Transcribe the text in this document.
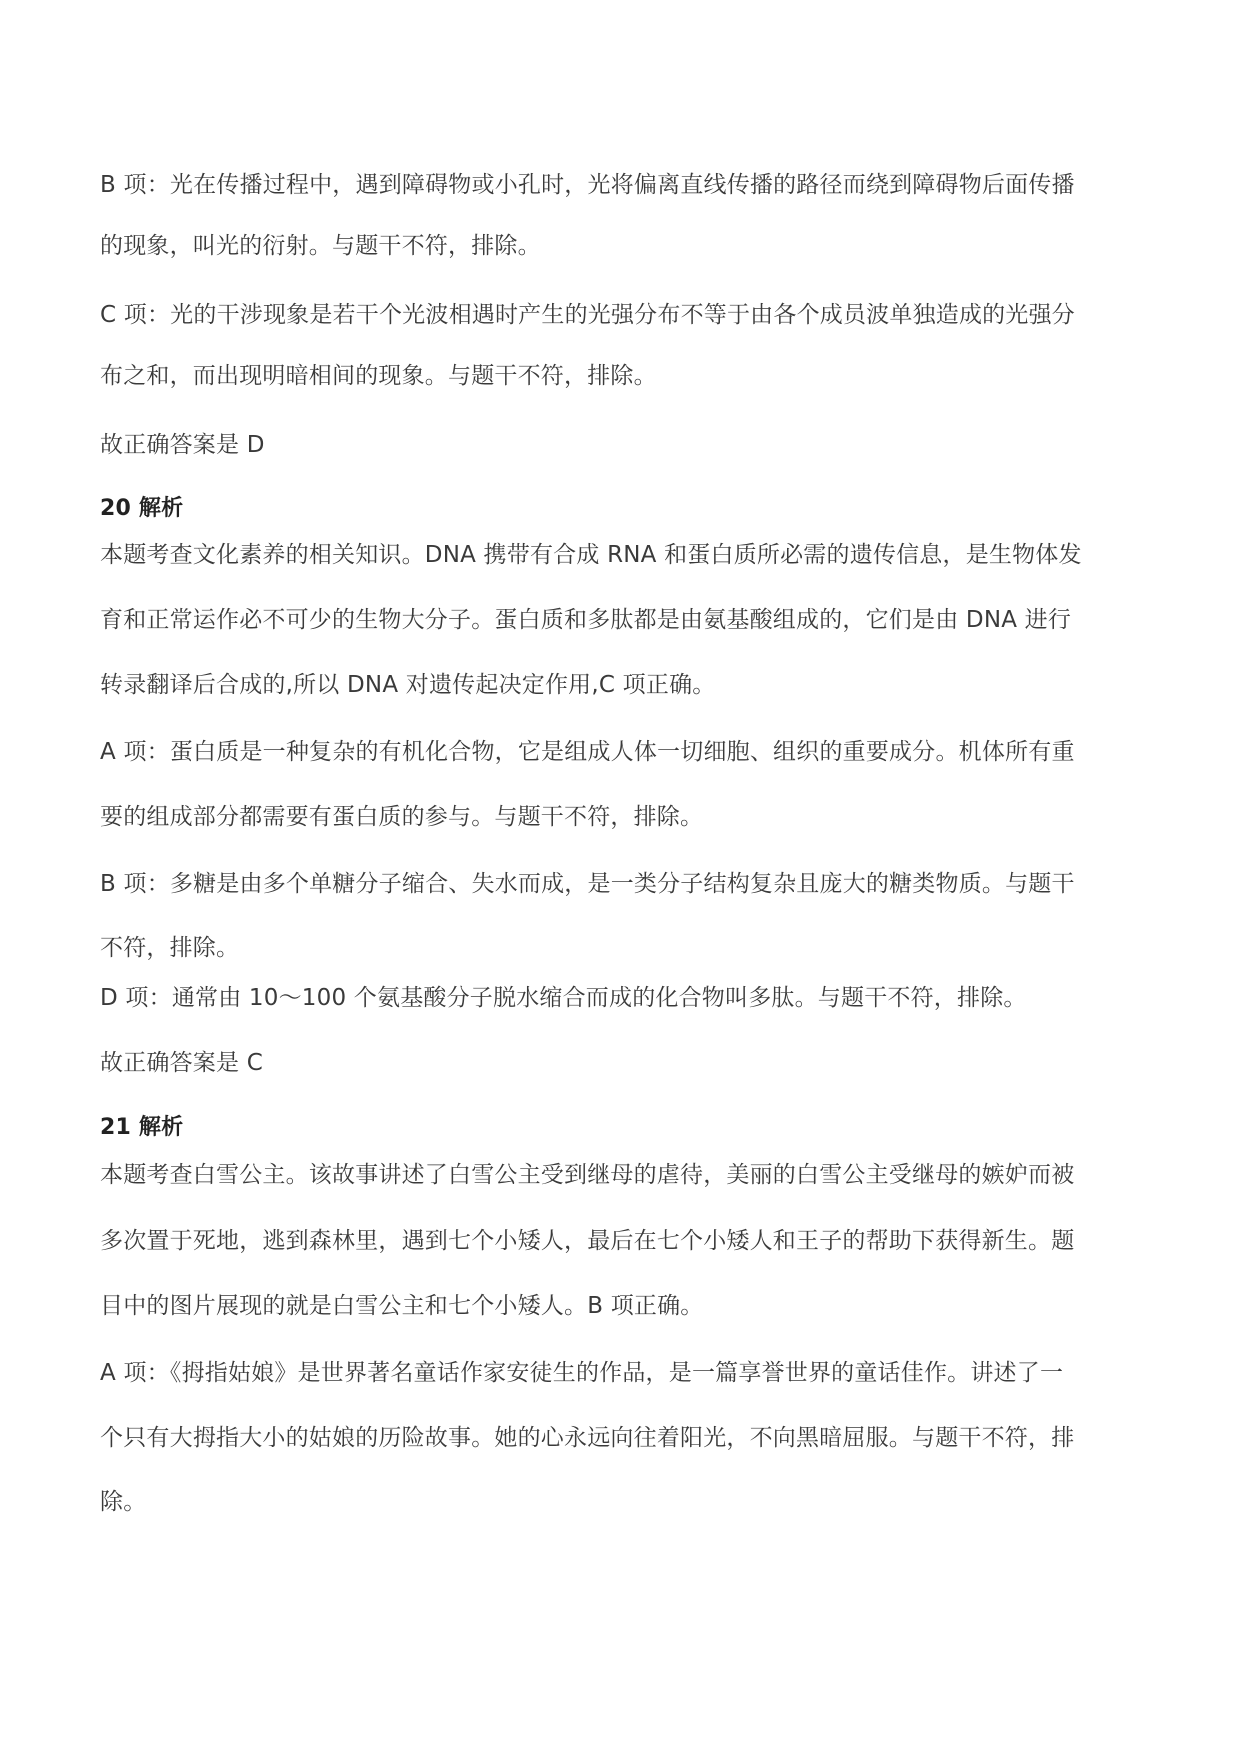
B 项：光在传播过程中，遇到障碍物或小孔时，光将偏离直线传播的路径而绕到障碍物后面传播
的现象，叫光的衍射。与题干不符，排除。
C 项：光的干涉现象是若干个光波相遇时产生的光强分布不等于由各个成员波单独造成的光强分
布之和，而出现明暗相间的现象。与题干不符，排除。
故正确答案是 D
20 解析
本题考查文化素养的相关知识。DNA 携带有合成 RNA 和蛋白质所必需的遗传信息，是生物体发
育和正常运作必不可少的生物大分子。蛋白质和多肽都是由氨基酸组成的，它们是由 DNA 进行
转录翻译后合成的,所以 DNA 对遗传起决定作用,C 项正确。
A 项：蛋白质是一种复杂的有机化合物，它是组成人体一切细胞、组织的重要成分。机体所有重
要的组成部分都需要有蛋白质的参与。与题干不符，排除。
B 项：多糖是由多个单糖分子缩合、失水而成，是一类分子结构复杂且庞大的糖类物质。与题干
不符，排除。
D 项：通常由 10～100 个氨基酸分子脱水缩合而成的化合物叫多肽。与题干不符，排除。
故正确答案是 C
21 解析
本题考查白雪公主。该故事讲述了白雪公主受到继母的虐待，美丽的白雪公主受继母的嫉妒而被
多次置于死地，逃到森林里，遇到七个小矮人，最后在七个小矮人和王子的帮助下获得新生。题
目中的图片展现的就是白雪公主和七个小矮人。B 项正确。
A 项：《拇指姑娘》是世界著名童话作家安徒生的作品，是一篇享誉世界的童话佳作。讲述了一
个只有大拇指大小的姑娘的历险故事。她的心永远向往着阳光，不向黑暗屈服。与题干不符，排
除。
